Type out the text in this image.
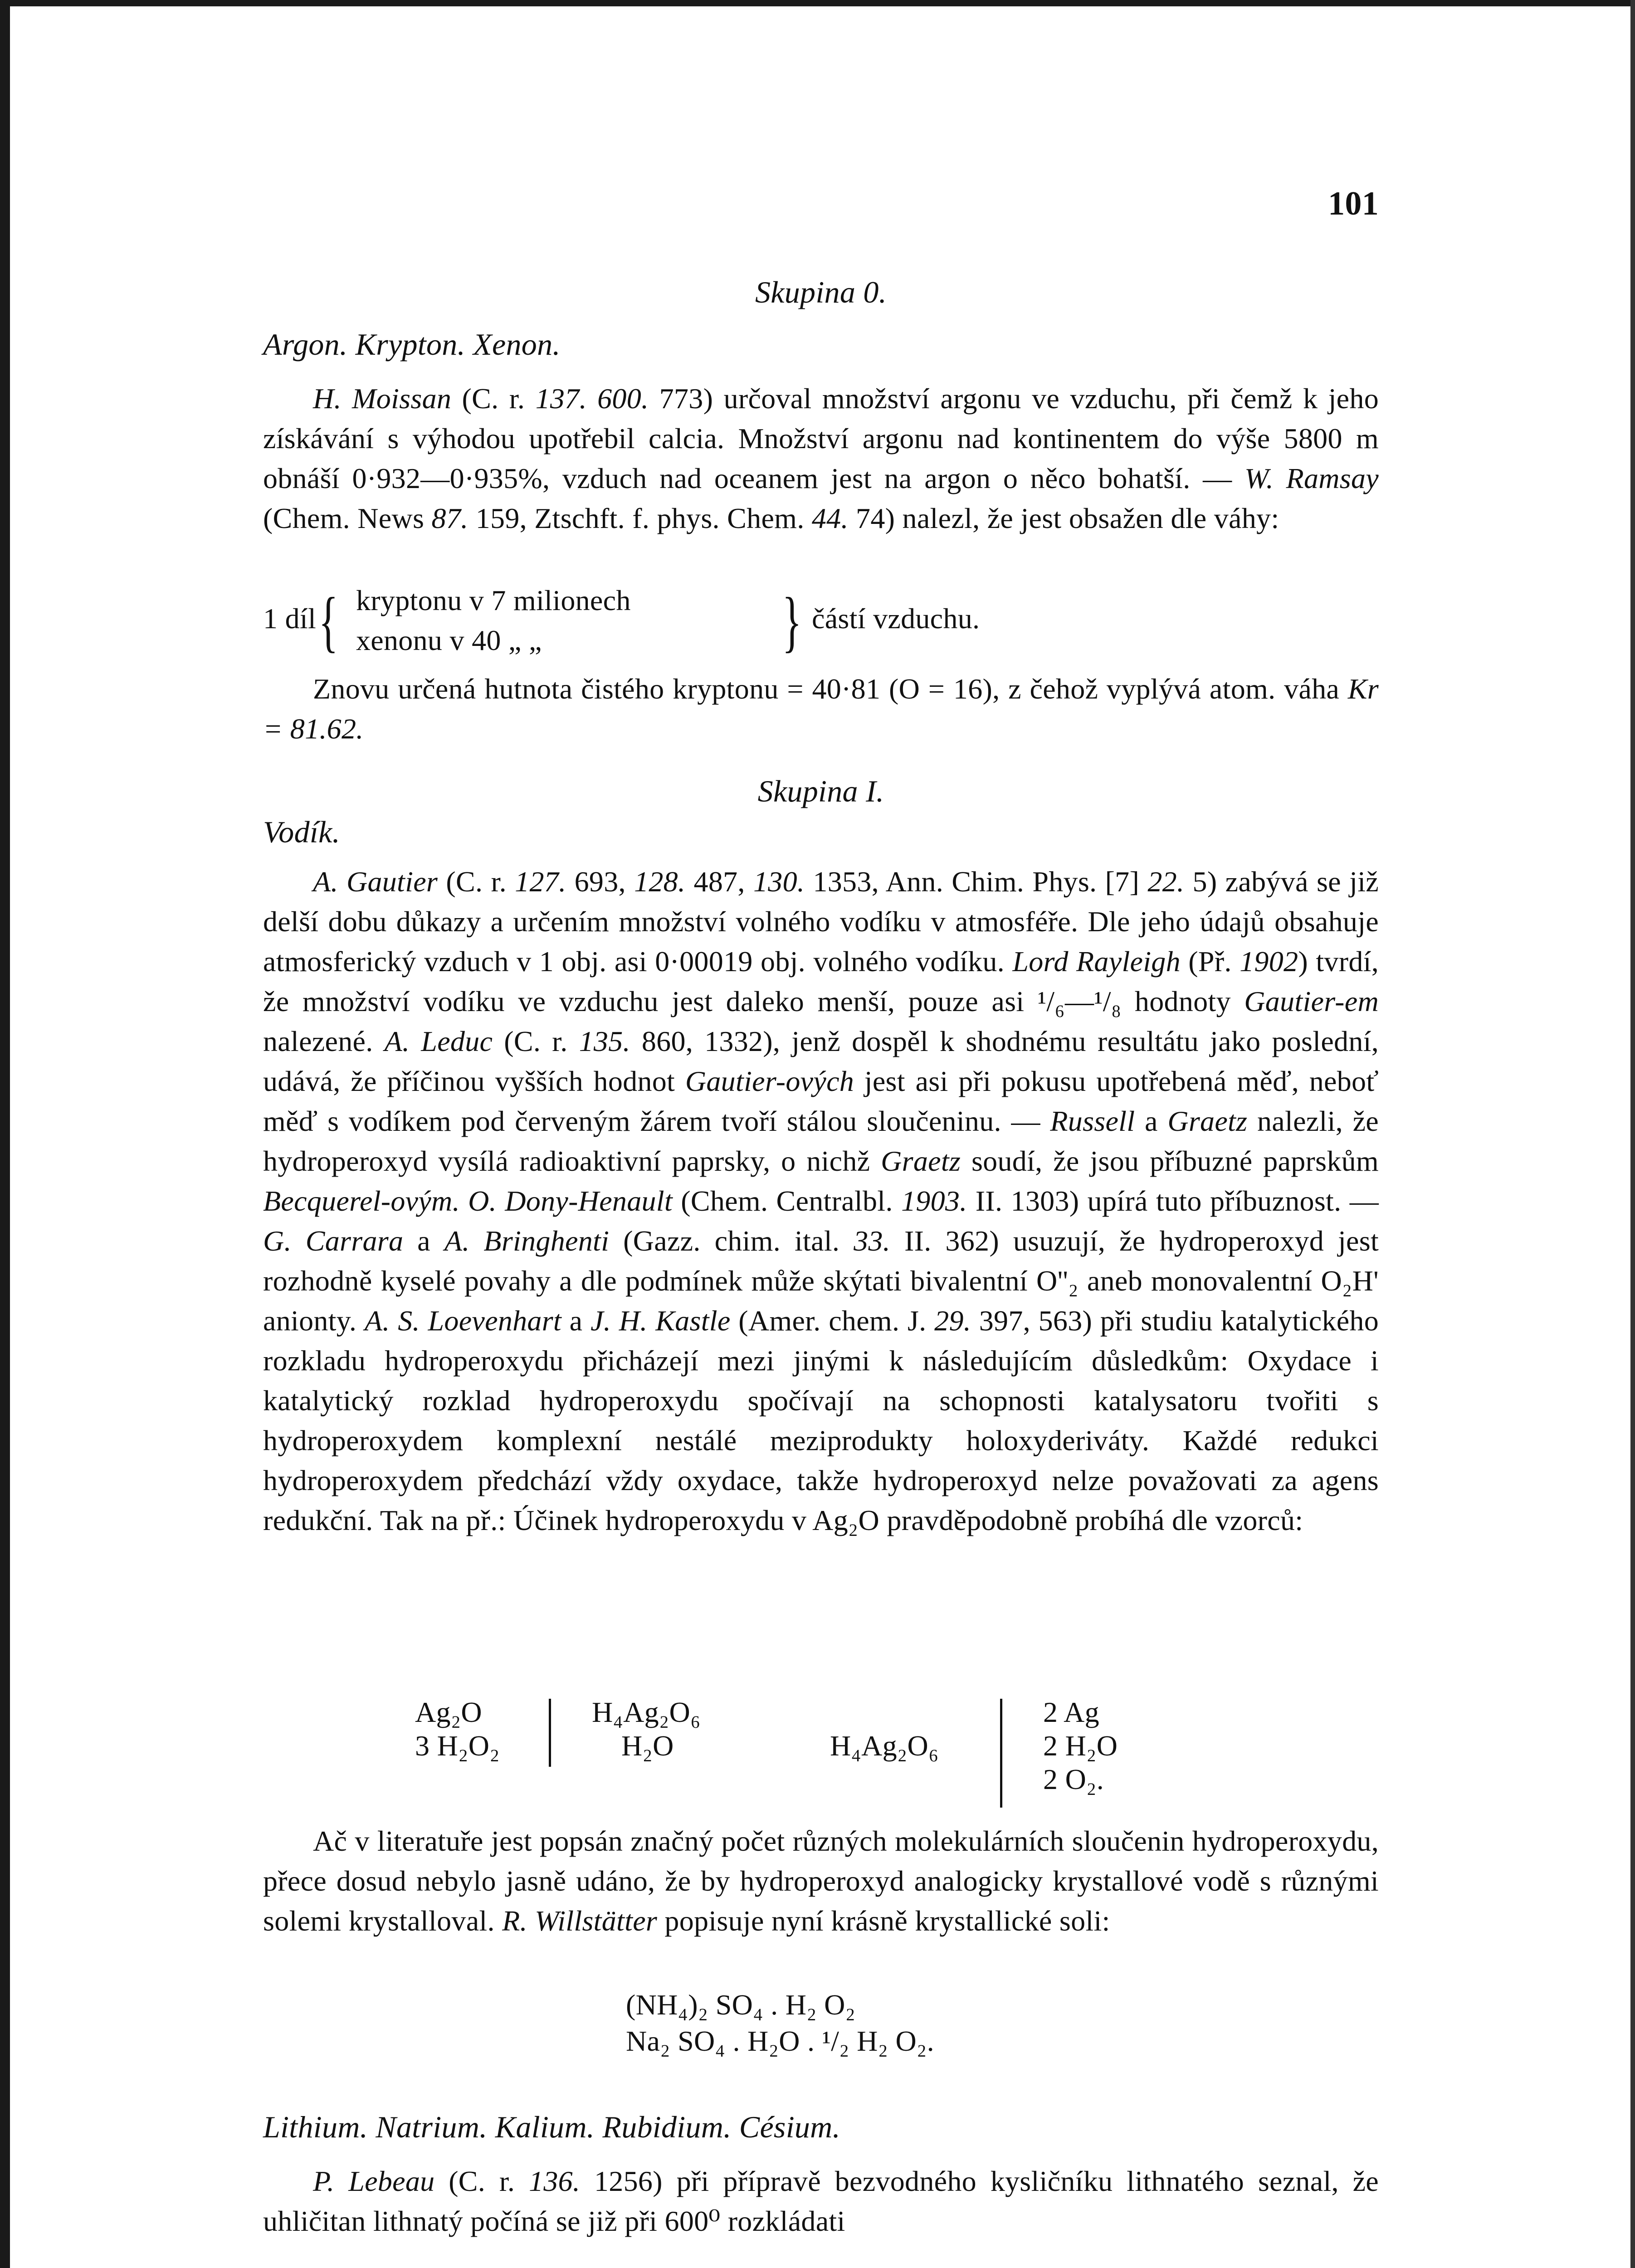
101
Skupina 0.
Argon. Krypton. Xenon.

H. Moissan (C. r. 137. 600. 773) určoval množství argonu ve vzduchu, při čemž k jeho získávání s výhodou upotřebil calcia. Množství argonu nad kontinentem do výše 5800 m obnáší 0·932—0·935%, vzduch nad oceanem jest na argon o něco bohatší. — W. Ramsay (Chem. News 87. 159, Ztschft. f. phys. Chem. 44. 74) nalezl, že jest obsažen dle váhy:

1 díl { kryptonu v 7 milionech
xenonu v 40 „ „	} částí vzduchu.

Znovu určená hutnota čistého kryptonu = 40·81 (O = 16), z čehož vyplývá atom. váha Kr = 81.62.

Skupina I.
Vodík.

A. Gautier (C. r. 127. 693, 128. 487, 130. 1353, Ann. Chim. Phys. [7] 22. 5) zabývá se již delší dobu důkazy a určením množství volného vodíku v atmosféře. Dle jeho údajů obsahuje atmosferický vzduch v 1 obj. asi 0·00019 obj. volného vodíku. Lord Rayleigh (Př. 1902) tvrdí, že množství vodíku ve vzduchu jest daleko menší, pouze asi ¹/₆—¹/₈ hodnoty Gautier-em nalezené. A. Leduc (C. r. 135. 860, 1332), jenž dospěl k shodnému resultátu jako poslední, udává, že příčinou vyšších hodnot Gautier-ových jest asi při pokusu upotřebená měď, neboť měď s vodíkem pod červeným žárem tvoří stálou sloučeninu. — Russell a Graetz nalezli, že hydroperoxyd vysílá radioaktivní paprsky, o nichž Graetz soudí, že jsou příbuzné paprskům Becquerel-ovým. O. Dony-Henault (Chem. Centralbl. 1903. II. 1303) upírá tuto příbuznost. — G. Carrara a A. Bringhenti (Gazz. chim. ital. 33. II. 362) usuzují, že hydroperoxyd jest rozhodně kyselé povahy a dle podmínek může skýtati bivalentní O''₂ aneb monovalentní O₂H' anionty. A. S. Loevenhart a J. H. Kastle (Amer. chem. J. 29. 397, 563) při studiu katalytického rozkladu hydroperoxydu přicházejí mezi jinými k následujícím důsledkům: Oxydace i katalytický rozklad hydroperoxydu spočívají na schopnosti katalysatoru tvořiti s hydroperoxydem komplexní nestálé meziprodukty holoxyderiváty. Každé redukci hydroperoxydem předchází vždy oxydace, takže hydroperoxyd nelze považovati za agens redukční. Tak na př.: Účinek hydroperoxydu v Ag₂O pravděpodobně probíhá dle vzorců:

Ag₂O
3 H₂O₂
H₄Ag₂O₆
H₂O	H₄Ag₂O₆
2 Ag
2 H₂O
2 O₂.

Ač v literatuře jest popsán značný počet různých molekulárních sloučenin hydroperoxydu, přece dosud nebylo jasně udáno, že by hydroperoxyd analogicky krystallové vodě s různými solemi krystalloval. R. Willstätter popisuje nyní krásně krystallické soli:

(NH₄)₂ SO₄ . H₂ O₂
Na₂ SO₄ . H₂O . ¹/₂ H₂ O₂.
Lithium. Natrium. Kalium. Rubidium. Césium.

P. Lebeau (C. r. 136. 1256) při přípravě bezvodného kysličníku lithnatého seznal, že uhličitan lithnatý počíná se již při 600⁰ rozkládati
